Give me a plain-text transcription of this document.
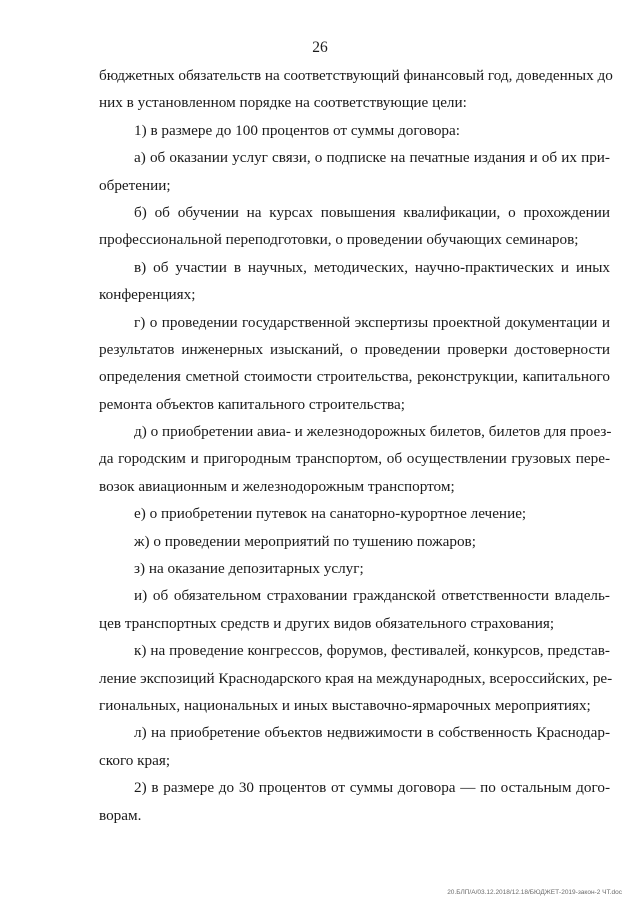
26
бюджетных обязательств на соответствующий финансовый год, доведенных до
них в установленном порядке на соответствующие цели:
1) в размере до 100 процентов от суммы договора:
а) об оказании услуг связи, о подписке на печатные издания и об их при-
обретении;
б) об обучении на курсах повышения квалификации, о прохождении
профессиональной переподготовки, о проведении обучающих семинаров;
в) об участии в научных, методических, научно-практических и иных
конференциях;
г) о проведении государственной экспертизы проектной документации и
результатов инженерных изысканий, о проведении проверки достоверности
определения сметной стоимости строительства, реконструкции, капитального
ремонта объектов капитального строительства;
д) о приобретении авиа- и железнодорожных билетов, билетов для проез-
да городским и пригородным транспортом, об осуществлении грузовых пере-
возок авиационным и железнодорожным транспортом;
е) о приобретении путевок на санаторно-курортное лечение;
ж) о проведении мероприятий по тушению пожаров;
з) на оказание депозитарных услуг;
и) об обязательном страховании гражданской ответственности владель-
цев транспортных средств и других видов обязательного страхования;
к) на проведение конгрессов, форумов, фестивалей, конкурсов, представ-
ление экспозиций Краснодарского края на международных, всероссийских, ре-
гиональных, национальных и иных выставочно-ярмарочных мероприятиях;
л) на приобретение объектов недвижимости в собственность Краснодар-
ского края;
2) в размере до 30 процентов от суммы договора — по остальным дого-
ворам.
20.БЛП/А/03.12.2018/12.18/БЮДЖЕТ-2019-закон-2 ЧТ.doc
